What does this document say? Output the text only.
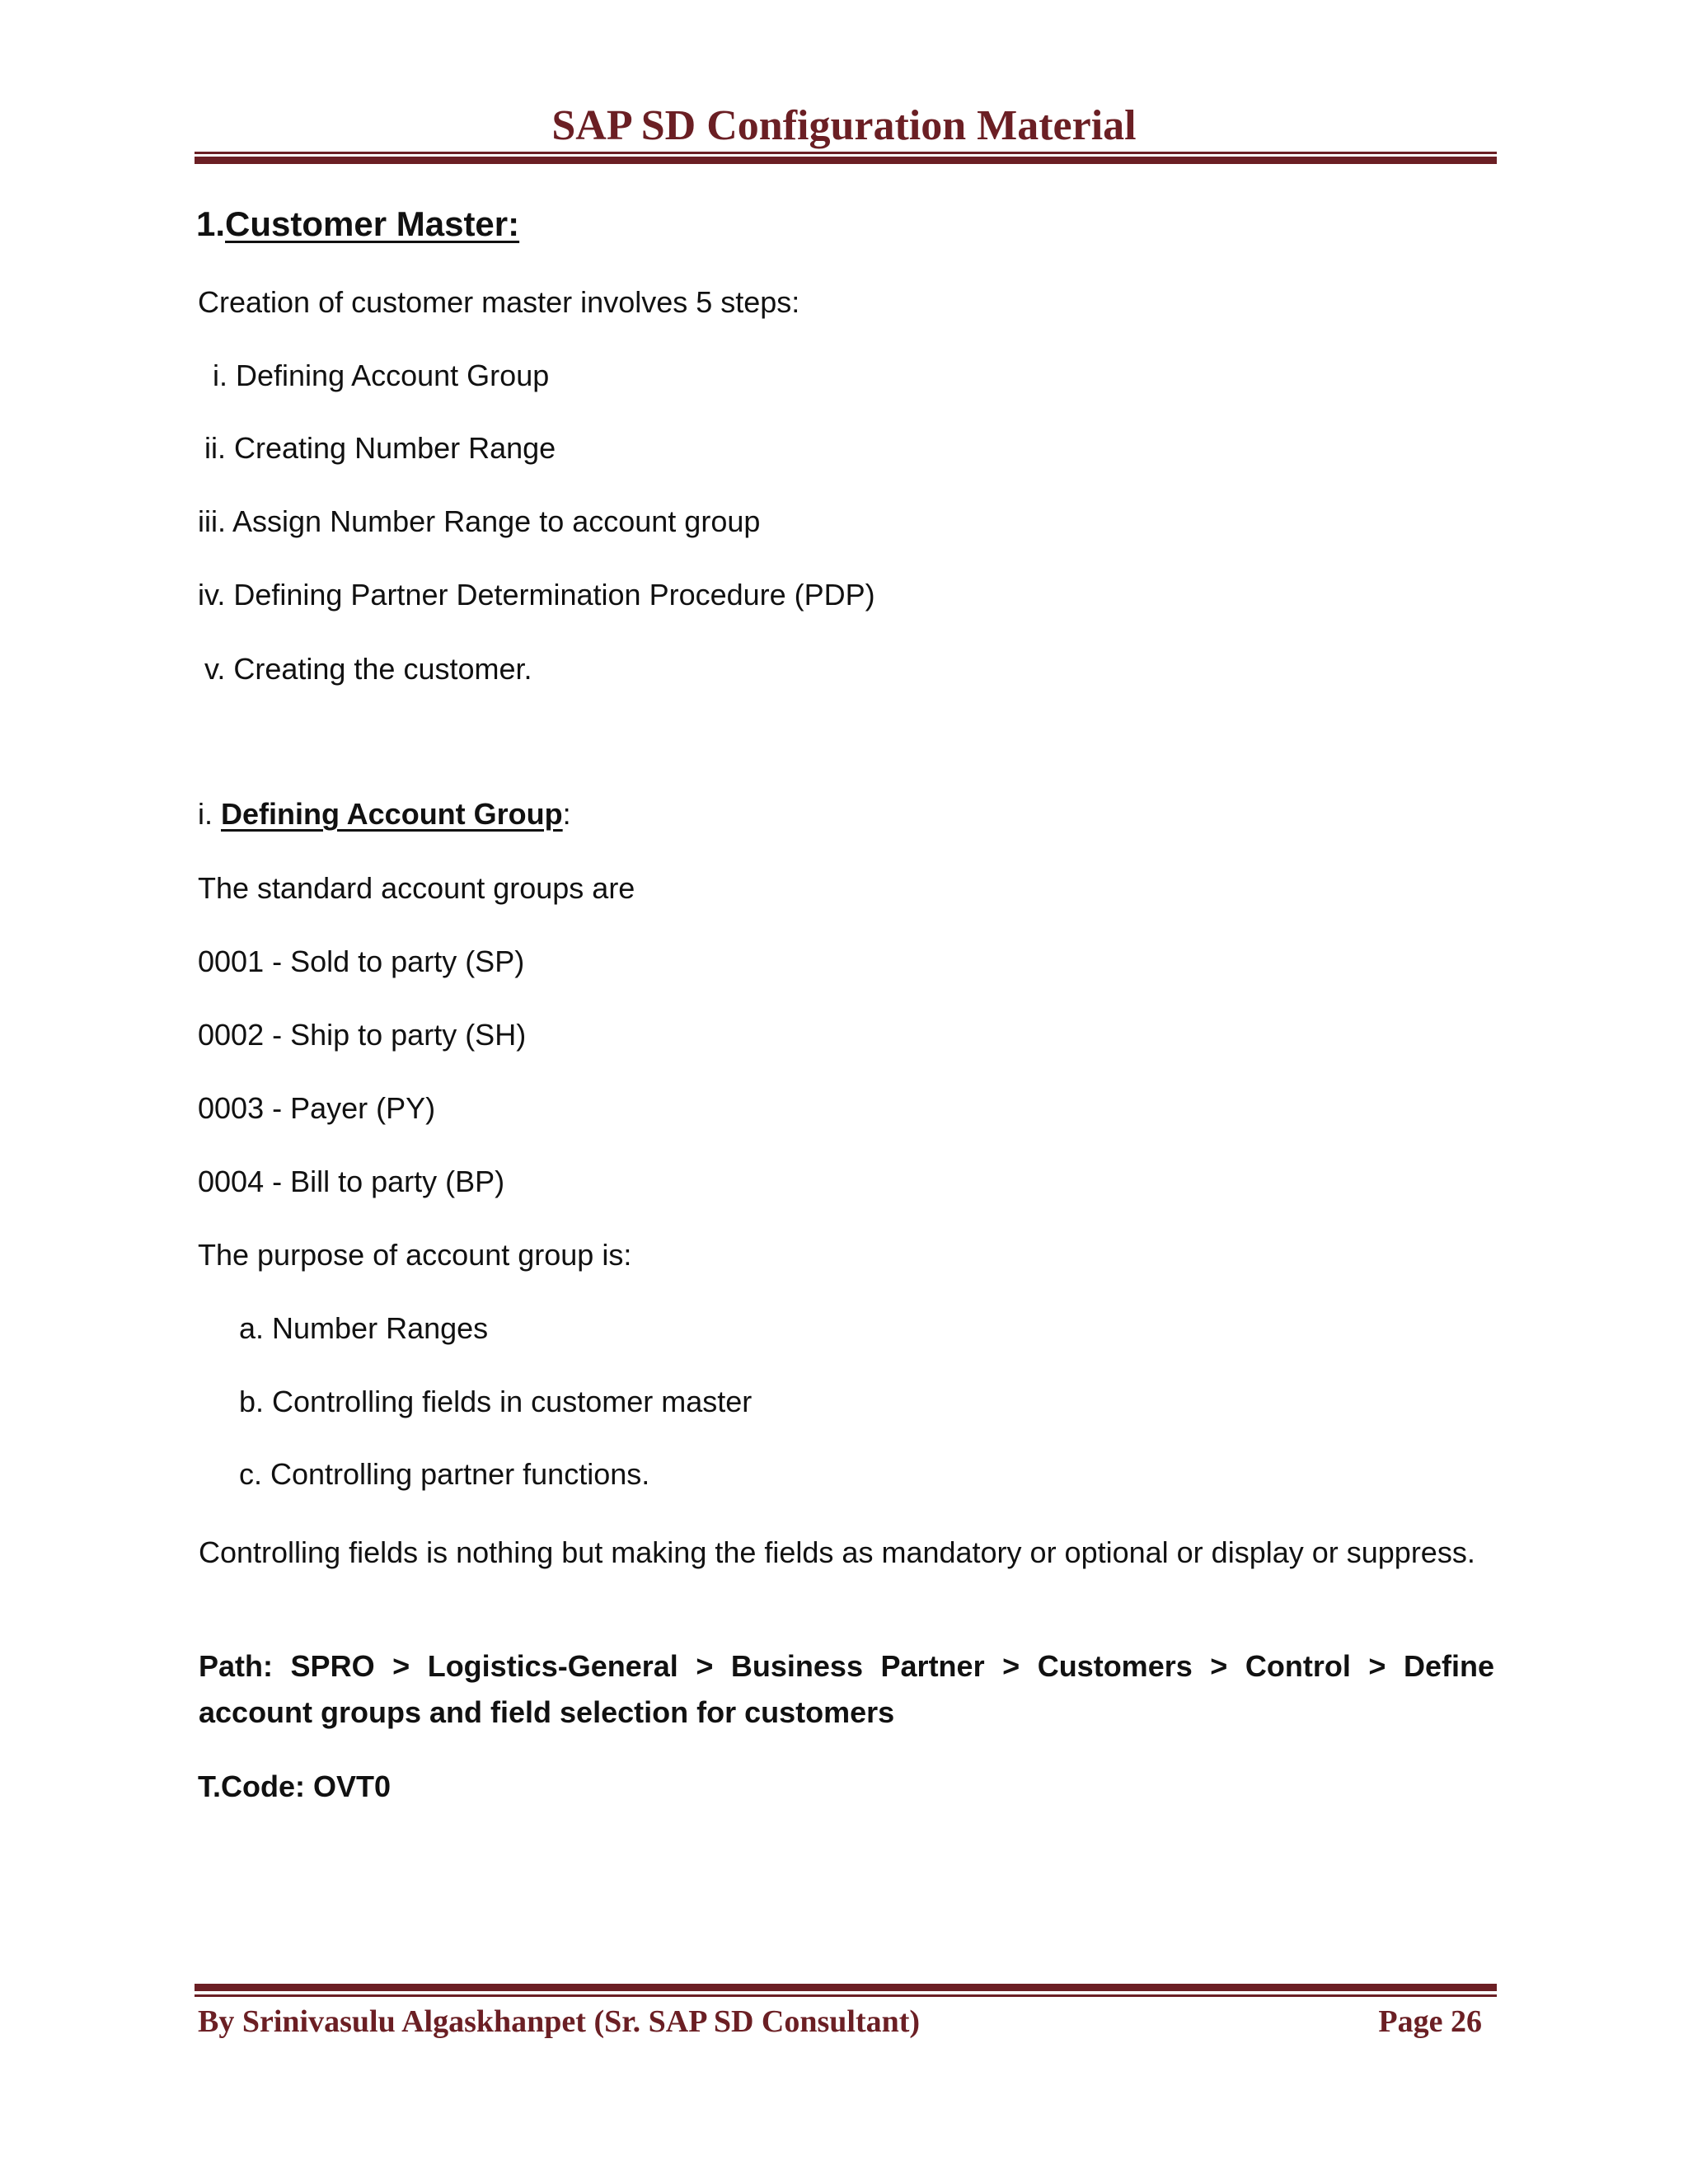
SAP SD Configuration Material
1.Customer Master:
Creation of customer master involves 5 steps:
i. Defining Account Group
ii. Creating Number Range
iii. Assign Number Range to account group
iv. Defining Partner Determination Procedure (PDP)
v. Creating the customer.
i. Defining Account Group:
The standard account groups are
0001 - Sold to party (SP)
0002 - Ship to party (SH)
0003 - Payer (PY)
0004 - Bill to party (BP)
The purpose of account group is:
a. Number Ranges
b. Controlling fields in customer master
c. Controlling partner functions.
Controlling fields is nothing but making the fields as mandatory or optional or display or suppress.
Path: SPRO > Logistics-General > Business Partner > Customers > Control > Define account groups and field selection for customers
T.Code: OVT0
By Srinivasulu Algaskhanpet (Sr. SAP SD Consultant)	Page 26
